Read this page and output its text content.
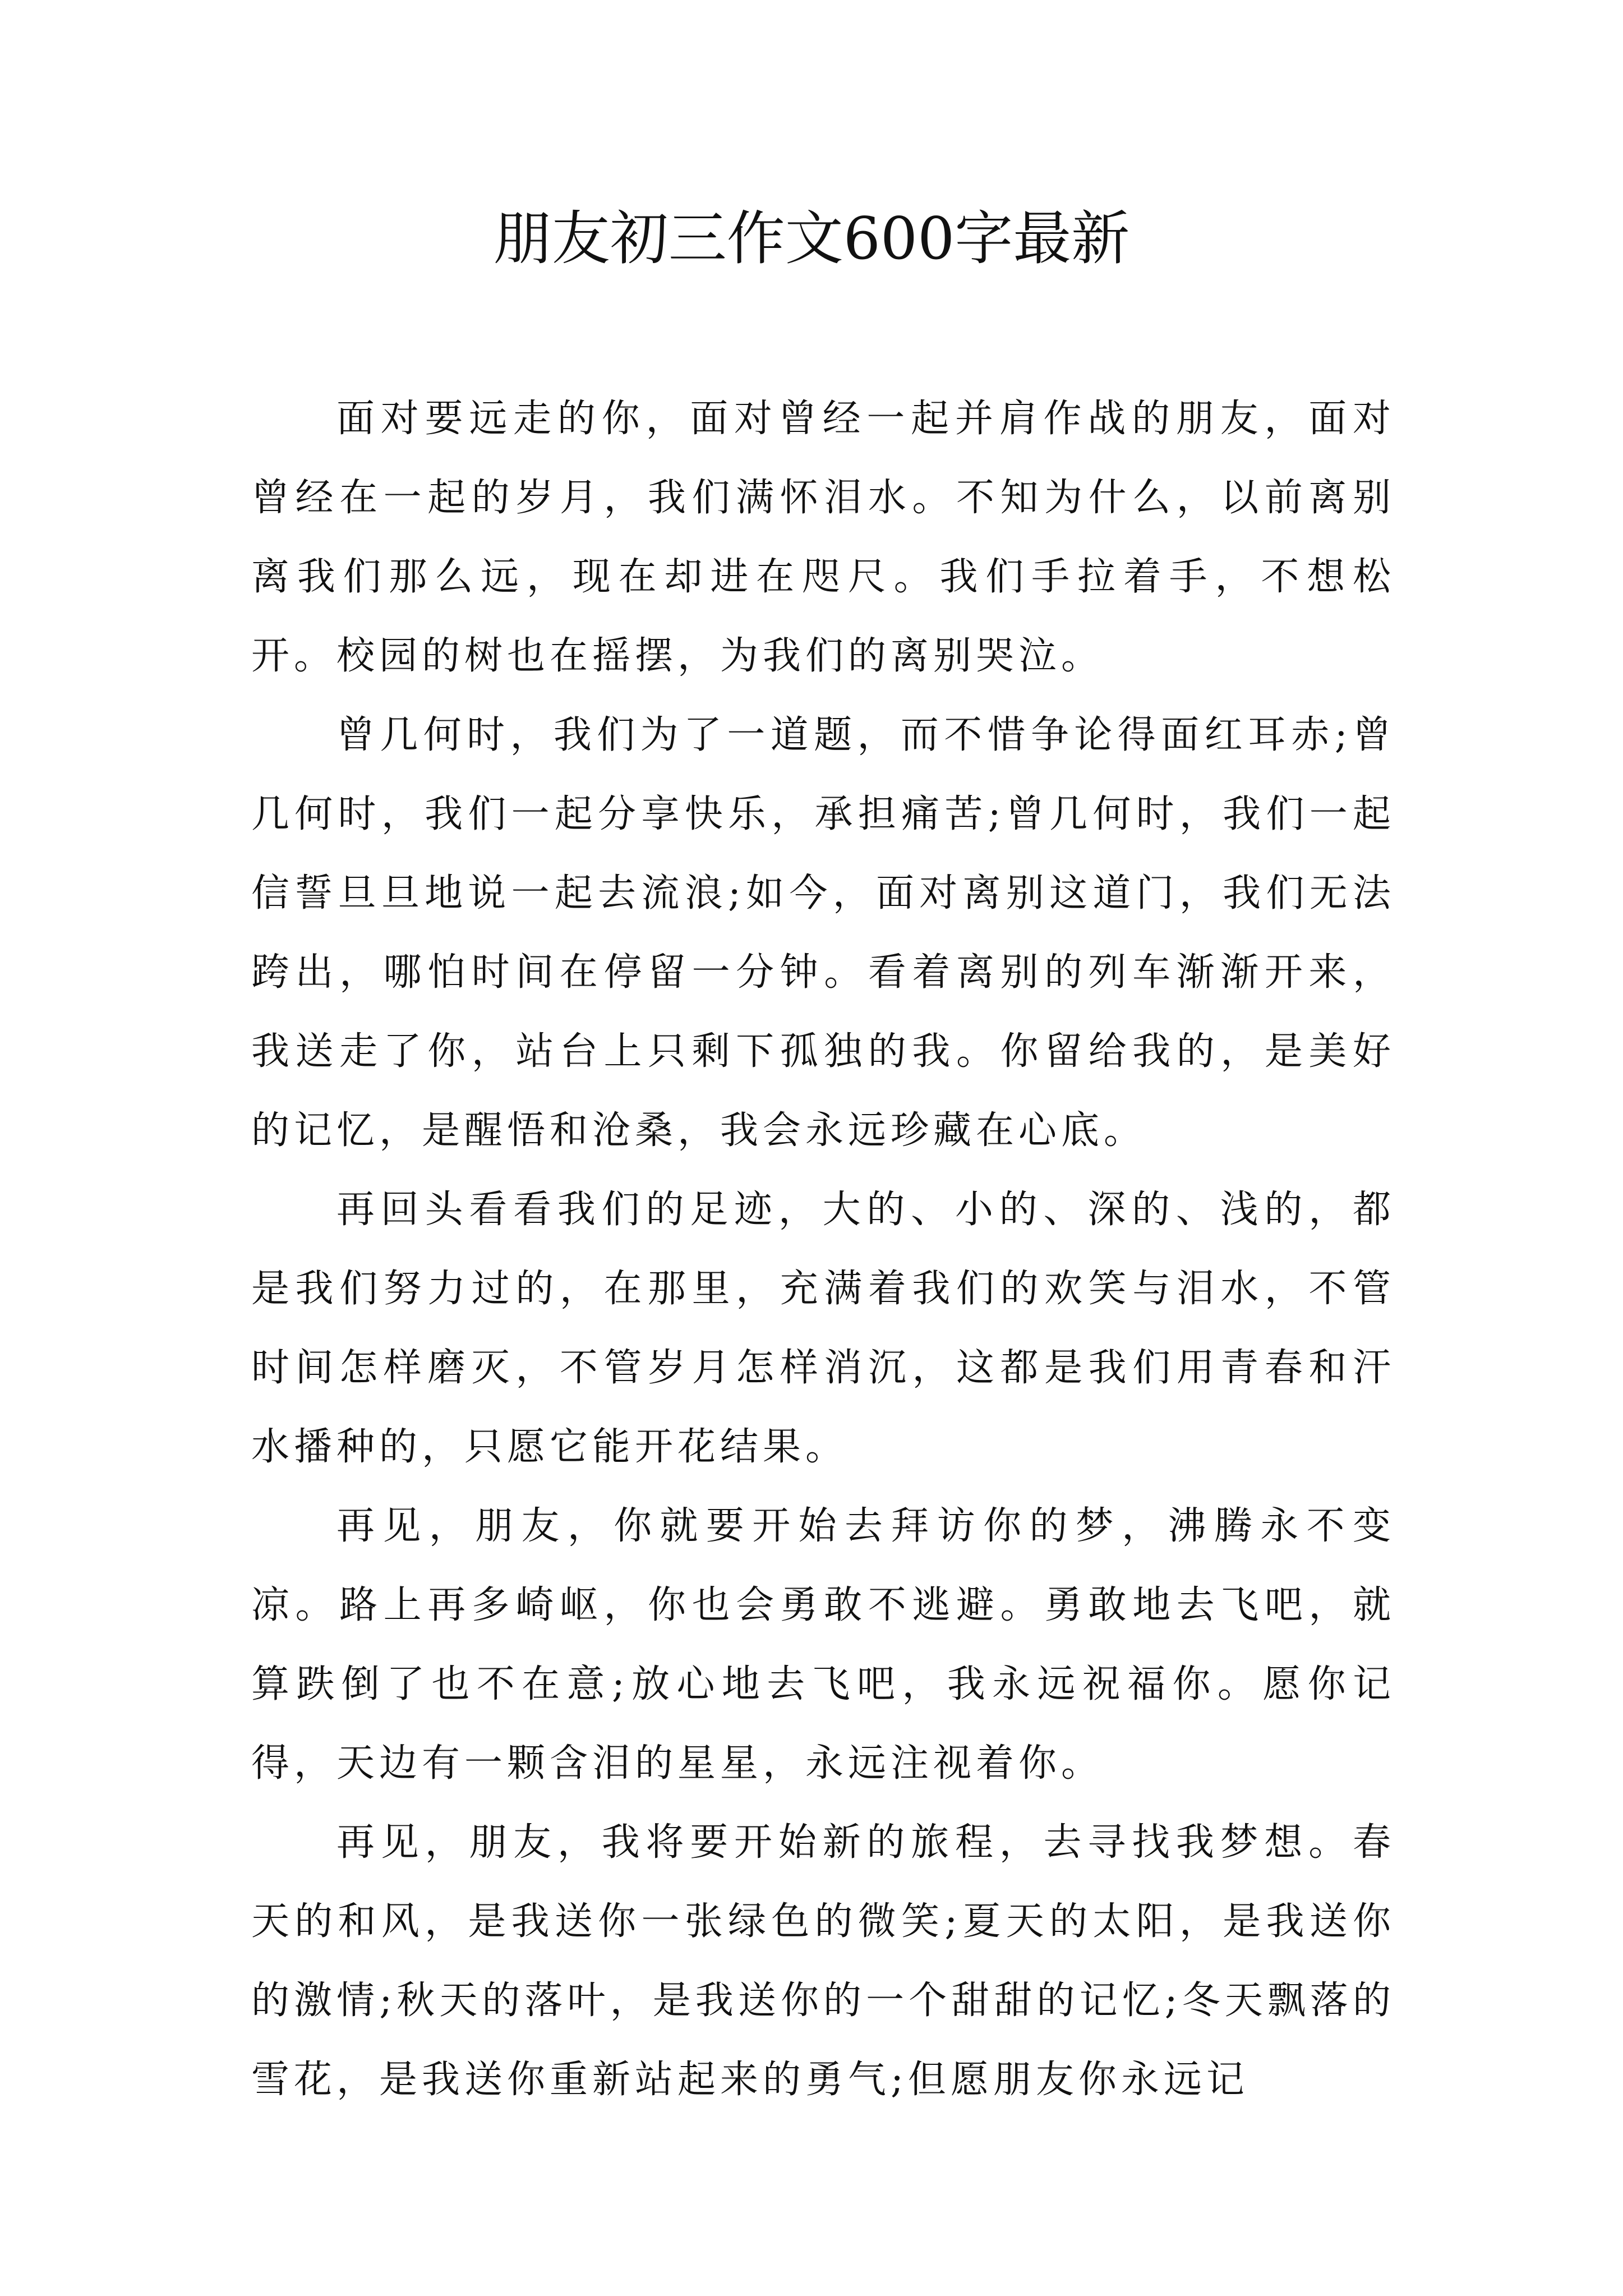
朋友初三作文600字最新

面对要远走的你，面对曾经一起并肩作战的朋友，面对曾经在一起的岁月，我们满怀泪水。不知为什么，以前离别离我们那么远，现在却进在咫尺。我们手拉着手，不想松开。校园的树也在摇摆，为我们的离别哭泣。

曾几何时，我们为了一道题，而不惜争论得面红耳赤;曾几何时，我们一起分享快乐，承担痛苦;曾几何时，我们一起信誓旦旦地说一起去流浪;如今，面对离别这道门，我们无法跨出，哪怕时间在停留一分钟。看着离别的列车渐渐开来，我送走了你，站台上只剩下孤独的我。你留给我的，是美好的记忆，是醒悟和沧桑，我会永远珍藏在心底。

再回头看看我们的足迹，大的、小的、深的、浅的，都是我们努力过的，在那里，充满着我们的欢笑与泪水，不管时间怎样磨灭，不管岁月怎样消沉，这都是我们用青春和汗水播种的，只愿它能开花结果。

再见，朋友，你就要开始去拜访你的梦，沸腾永不变凉。路上再多崎岖，你也会勇敢不逃避。勇敢地去飞吧，就算跌倒了也不在意;放心地去飞吧，我永远祝福你。愿你记得，天边有一颗含泪的星星，永远注视着你。

再见，朋友，我将要开始新的旅程，去寻找我梦想。春天的和风，是我送你一张绿色的微笑;夏天的太阳，是我送你的激情;秋天的落叶，是我送你的一个甜甜的记忆;冬天飘落的雪花，是我送你重新站起来的勇气;但愿朋友你永远记
